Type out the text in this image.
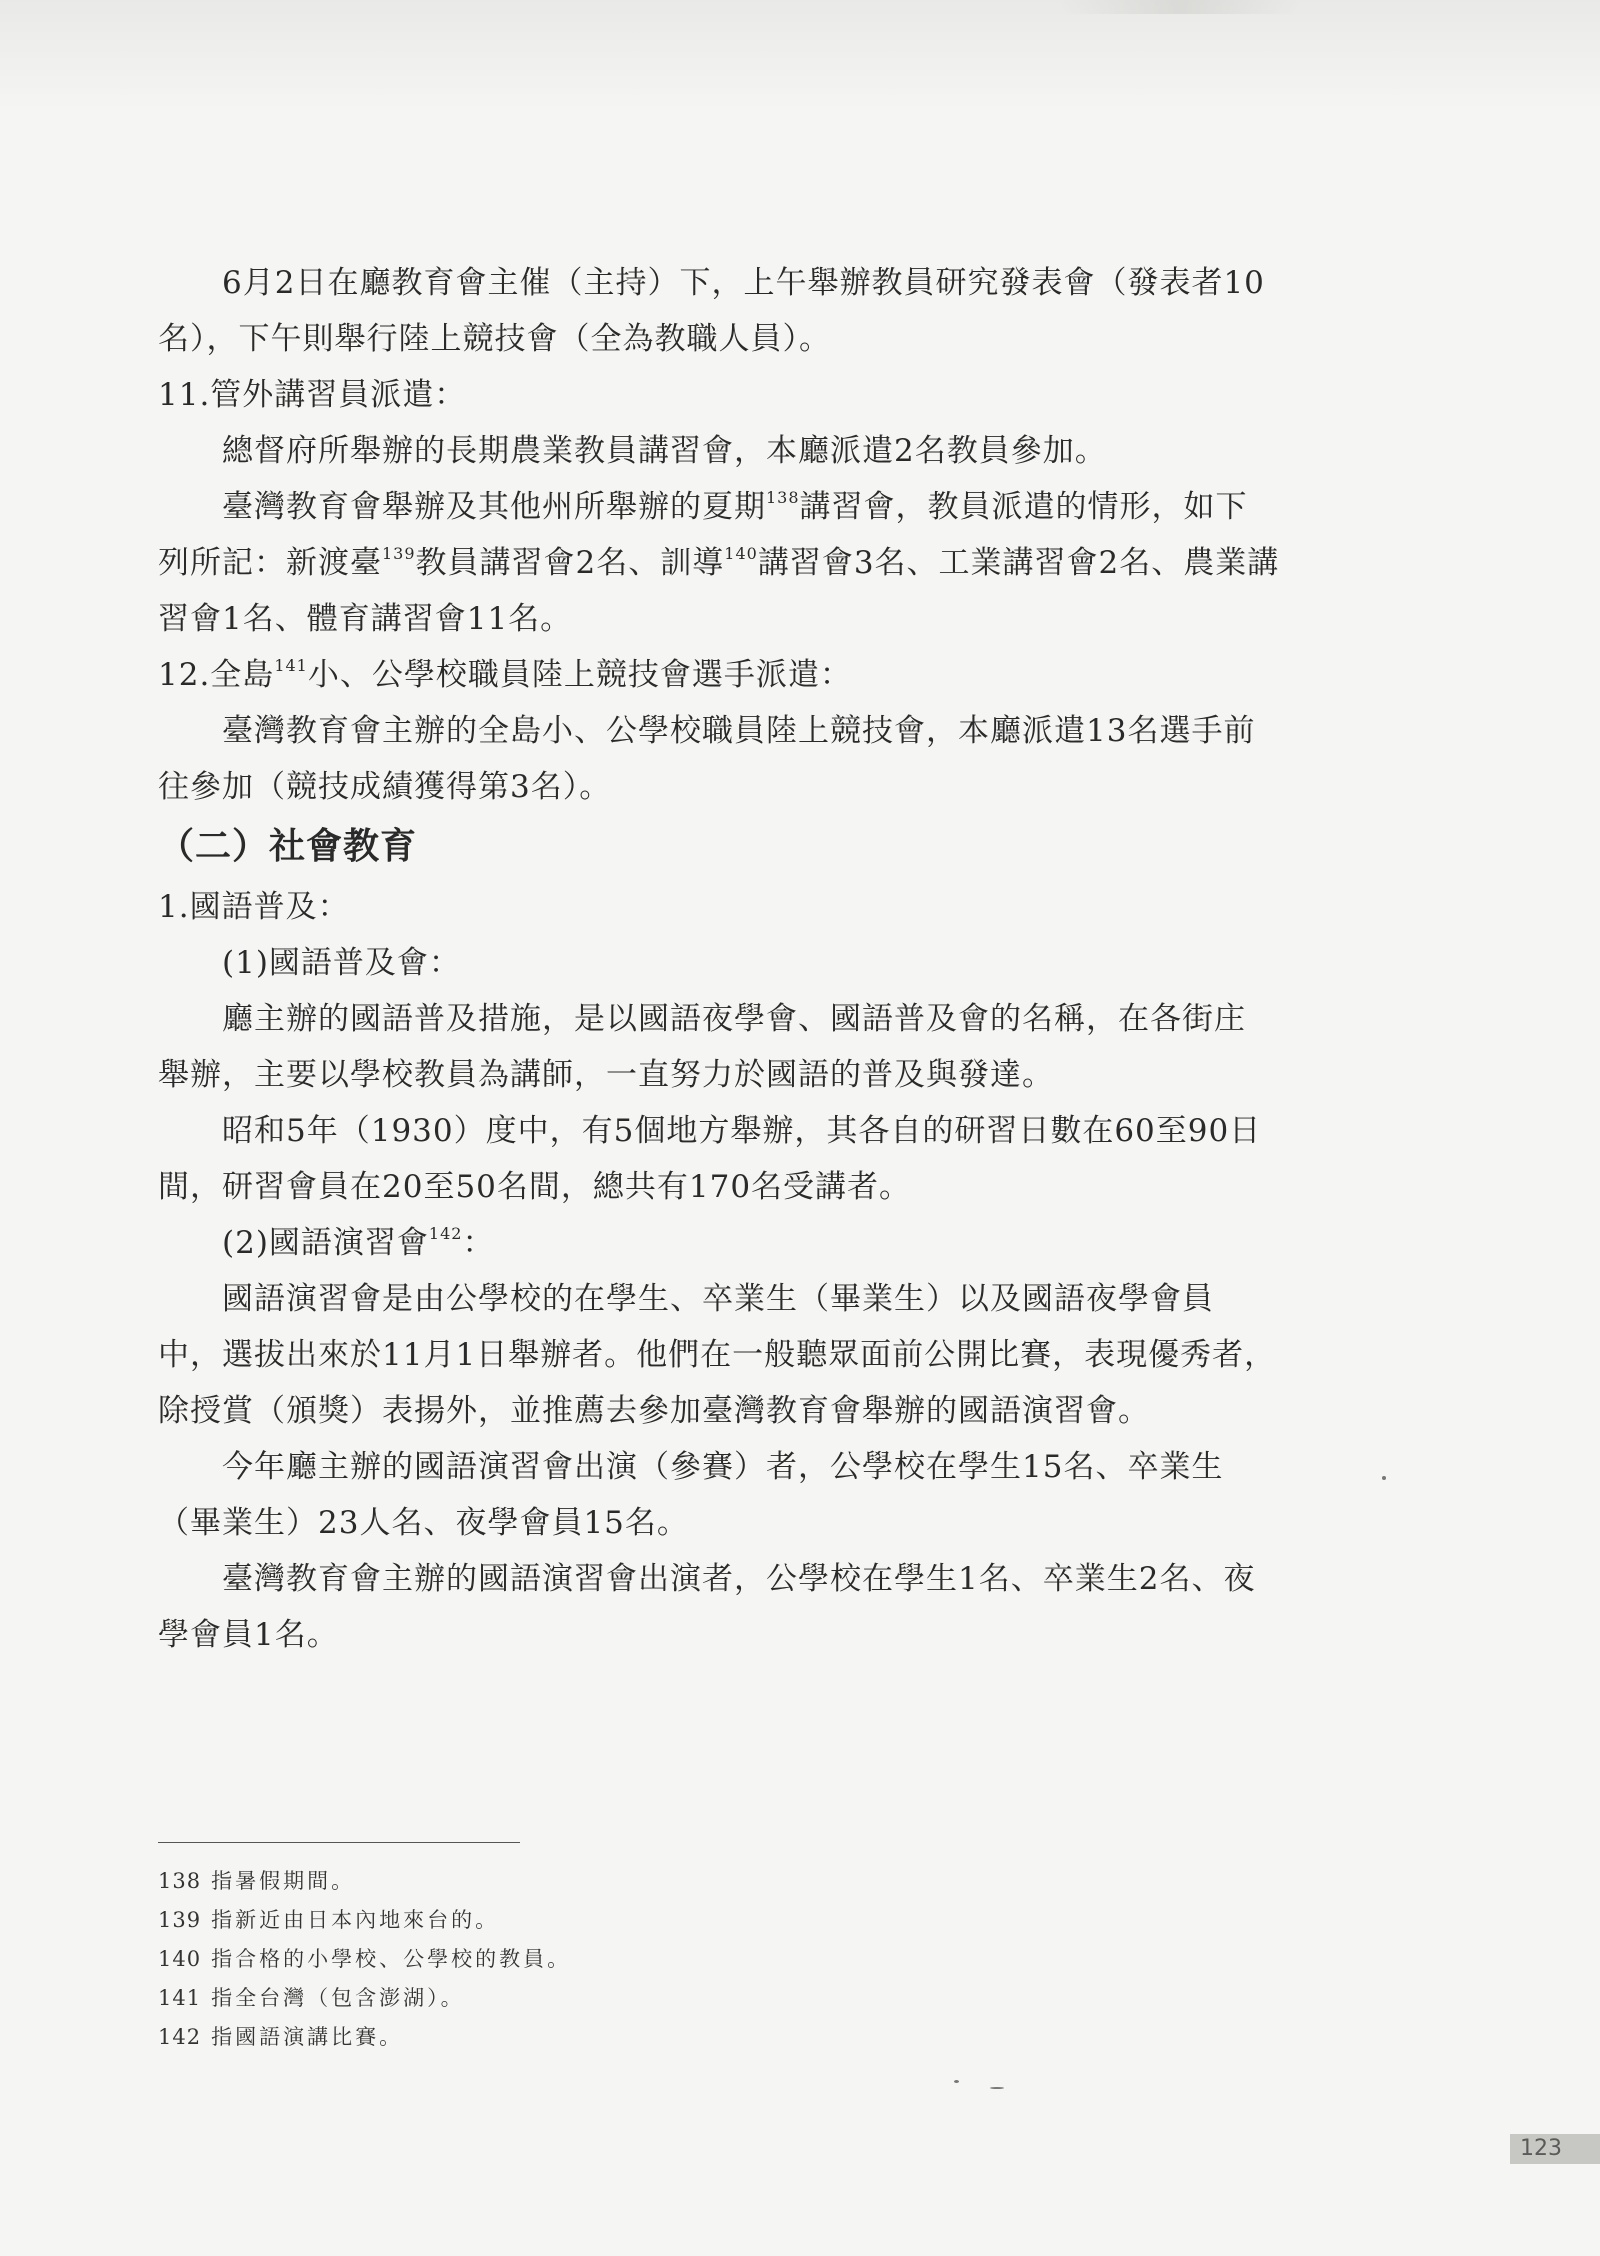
6月2日在廳教育會主催（主持）下，上午舉辦教員研究發表會（發表者10

名），下午則舉行陸上競技會（全為教職人員）。

11.管外講習員派遣：

總督府所舉辦的長期農業教員講習會，本廳派遣2名教員參加。

臺灣教育會舉辦及其他州所舉辦的夏期$^{138}$講習會，教員派遣的情形，如下

列所記：新渡臺$^{139}$教員講習會2名、訓導$^{140}$講習會3名、工業講習會2名、農業講

習會1名、體育講習會11名。

12.全島$^{141}$小、公學校職員陸上競技會選手派遣：

臺灣教育會主辦的全島小、公學校職員陸上競技會，本廳派遣13名選手前

往參加（競技成績獲得第3名）。

（二）社會教育

1.國語普及：

(1)國語普及會：

廳主辦的國語普及措施，是以國語夜學會、國語普及會的名稱，在各街庄

舉辦，主要以學校教員為講師，一直努力於國語的普及與發達。

昭和5年（1930）度中，有5個地方舉辦，其各自的研習日數在60至90日

間，研習會員在20至50名間，總共有170名受講者。

(2)國語演習會$^{142}$：

國語演習會是由公學校的在學生、卒業生（畢業生）以及國語夜學會員

中，選拔出來於11月1日舉辦者。他們在一般聽眾面前公開比賽，表現優秀者，

除授賞（頒獎）表揚外，並推薦去參加臺灣教育會舉辦的國語演習會。

今年廳主辦的國語演習會出演（參賽）者，公學校在學生15名、卒業生

（畢業生）23人名、夜學會員15名。

臺灣教育會主辦的國語演習會出演者，公學校在學生1名、卒業生2名、夜

學會員1名。

138 指暑假期間。

139 指新近由日本內地來台的。

140 指合格的小學校、公學校的教員。

141 指全台灣（包含澎湖）。

142 指國語演講比賽。

123
